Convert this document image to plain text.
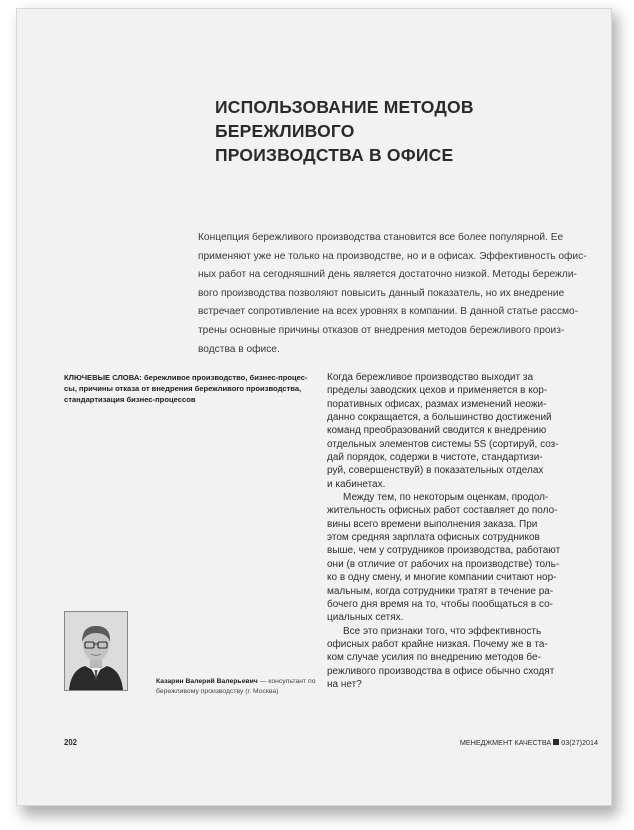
ИСПОЛЬЗОВАНИЕ МЕТОДОВ БЕРЕЖЛИВОГО
ПРОИЗВОДСТВА В ОФИСЕ

Концепция бережливого производства становится все более популярной. Ее
применяют уже не только на производстве, но и в офисах. Эффективность офис-
ных работ на сегодняшний день является достаточно низкой. Методы бережли-
вого производства позволяют повысить данный показатель, но их внедрение
встречает сопротивление на всех уровнях в компании. В данной статье рассмо-
трены основные причины отказов от внедрения методов бережливого произ-
водства в офисе.

КЛЮЧЕВЫЕ СЛОВА: бережливое производство, бизнес-процес-
сы, причины отказа от внедрения бережливого производства,
стандартизация бизнес-процессов
Когда бережливое производство выходит за
пределы заводских цехов и применяется в кор-
поративных офисах, размах изменений неожи-
данно сокращается, а большинство достижений
команд преобразований сводится к внедрению
отдельных элементов системы 5S (сортируй, соз-
дай порядок, содержи в чистоте, стандартизи-
руй, совершенствуй) в показательных отделах
и кабинетах.
Между тем, по некоторым оценкам, продол-
жительность офисных работ составляет до поло-
вины всего времени выполнения заказа. При
этом средняя зарплата офисных сотрудников
выше, чем у сотрудников производства, работают
они (в отличие от рабочих на производстве) толь-
ко в одну смену, и многие компании считают нор-
мальным, когда сотрудники тратят в течение ра-
бочего дня время на то, чтобы пообщаться в со-
циальных сетях.
Все это признаки того, что эффективность
офисных работ крайне низкая. Почему же в та-
ком случае усилия по внедрению методов бе-
режливого производства в офисе обычно сходят
на нет?
Казарин Валерий Валерьевич — консультант по
бережливому производству (г. Москва)
202	МЕНЕДЖМЕНТ КАЧЕСТВА 03(27)2014
